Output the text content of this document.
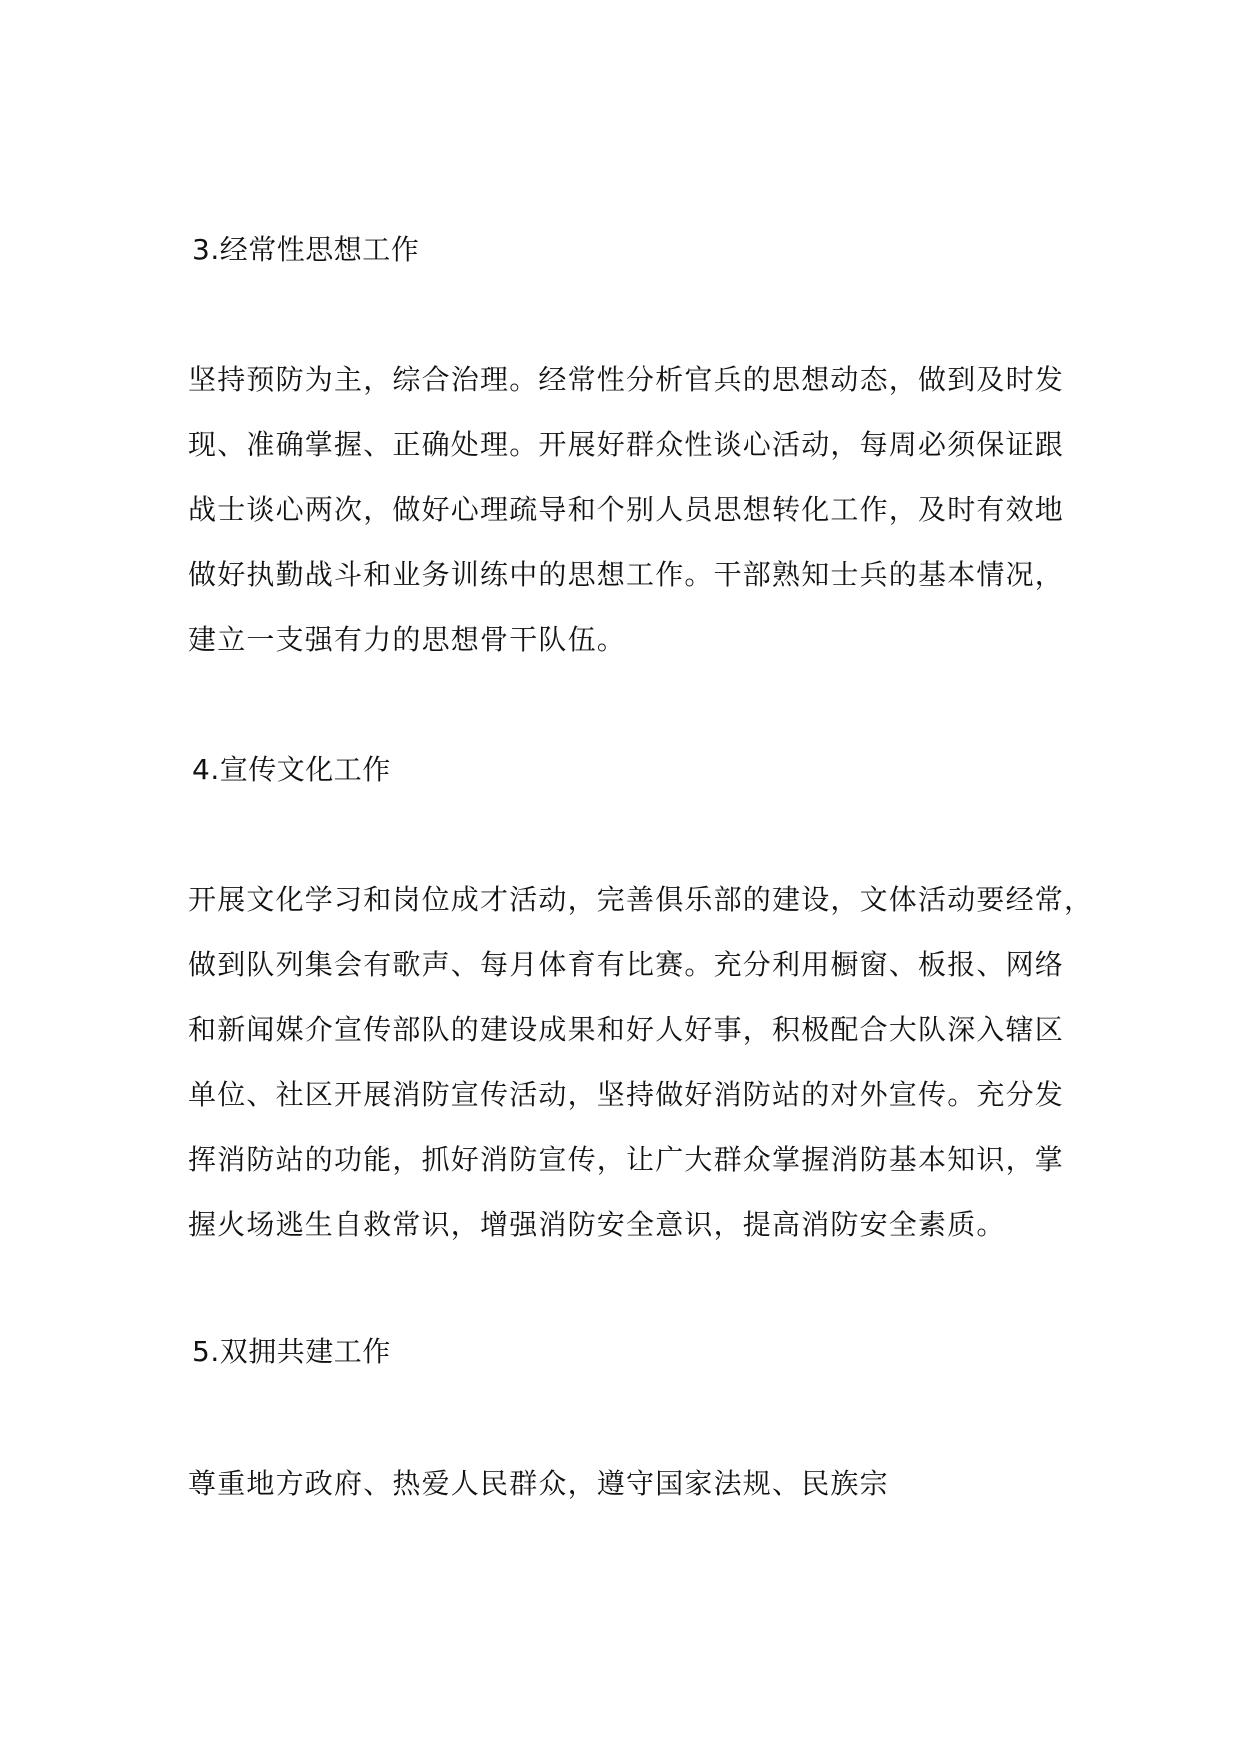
3.经常性思想工作
坚持预防为主，综合治理。经常性分析官兵的思想动态，做到及时发
现、准确掌握、正确处理。开展好群众性谈心活动，每周必须保证跟
战士谈心两次，做好心理疏导和个别人员思想转化工作，及时有效地
做好执勤战斗和业务训练中的思想工作。干部熟知士兵的基本情况，
建立一支强有力的思想骨干队伍。
4.宣传文化工作
开展文化学习和岗位成才活动，完善俱乐部的建设，文体活动要经常，
做到队列集会有歌声、每月体育有比赛。充分利用橱窗、板报、网络
和新闻媒介宣传部队的建设成果和好人好事，积极配合大队深入辖区
单位、社区开展消防宣传活动，坚持做好消防站的对外宣传。充分发
挥消防站的功能，抓好消防宣传，让广大群众掌握消防基本知识，掌
握火场逃生自救常识，增强消防安全意识，提高消防安全素质。
5.双拥共建工作
尊重地方政府、热爱人民群众，遵守国家法规、民族宗
